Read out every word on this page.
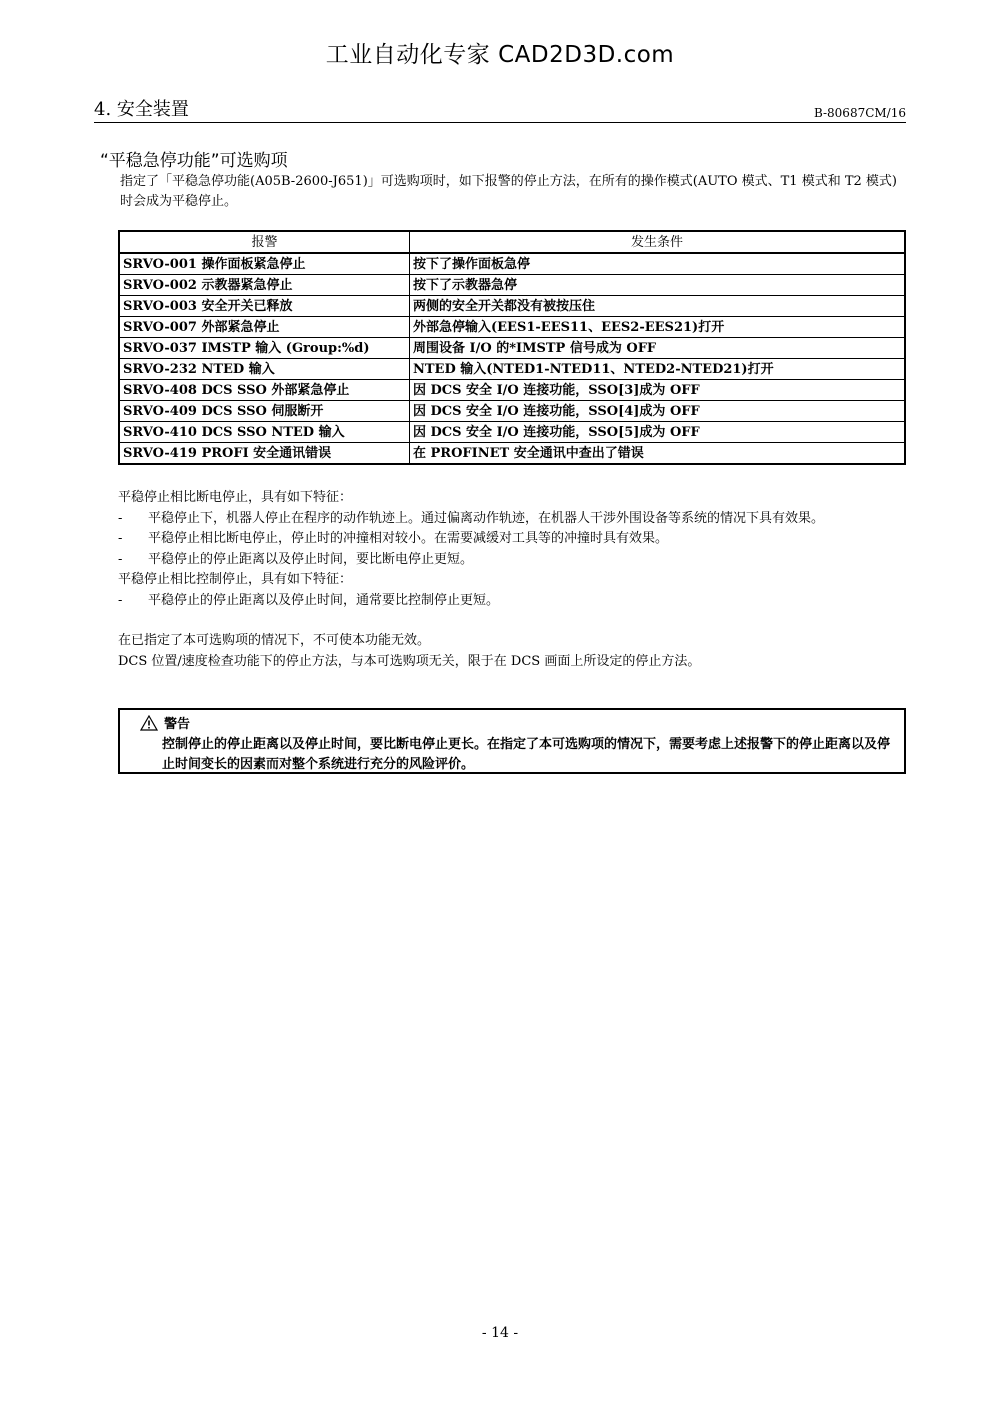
工业自动化专家 CAD2D3D.com
4. 安全装置	B-80687CM/16
“平稳急停功能”可选购项
指定了「平稳急停功能(A05B-2600-J651)」可选购项时，如下报警的停止方法，在所有的操作模式(AUTO 模式、T1 模式和 T2 模式)时会成为平稳停止。
报警	发生条件
SRVO-001 操作面板紧急停止	按下了操作面板急停
SRVO-002 示教器紧急停止	按下了示教器急停
SRVO-003 安全开关已释放	两侧的安全开关都没有被按压住
SRVO-007 外部紧急停止	外部急停输入(EES1-EES11、EES2-EES21)打开
SRVO-037 IMSTP 输入 (Group:%d)	周围设备 I/O 的*IMSTP 信号成为 OFF
SRVO-232 NTED 输入	NTED 输入(NTED1-NTED11、NTED2-NTED21)打开
SRVO-408 DCS SSO 外部紧急停止	因 DCS 安全 I/O 连接功能，SSO[3]成为 OFF
SRVO-409 DCS SSO 伺服断开	因 DCS 安全 I/O 连接功能，SSO[4]成为 OFF
SRVO-410 DCS SSO NTED 输入	因 DCS 安全 I/O 连接功能，SSO[5]成为 OFF
SRVO-419 PROFI 安全通讯错误	在 PROFINET 安全通讯中查出了错误

平稳停止相比断电停止，具有如下特征：

- 平稳停止下，机器人停止在程序的动作轨迹上。通过偏离动作轨迹，在机器人干涉外围设备等系统的情况下具有效果。

- 平稳停止相比断电停止，停止时的冲撞相对较小。在需要减缓对工具等的冲撞时具有效果。

- 平稳停止的停止距离以及停止时间，要比断电停止更短。

平稳停止相比控制停止，具有如下特征：

- 平稳停止的停止距离以及停止时间，通常要比控制停止更短。

在已指定了本可选购项的情况下，不可使本功能无效。

DCS 位置/速度检查功能下的停止方法，与本可选购项无关，限于在 DCS 画面上所设定的停止方法。

警告
控制停止的停止距离以及停止时间，要比断电停止更长。在指定了本可选购项的情况下，需要考虑上述报警下的停止距离以及停止时间变长的因素而对整个系统进行充分的风险评价。
- 14 -
